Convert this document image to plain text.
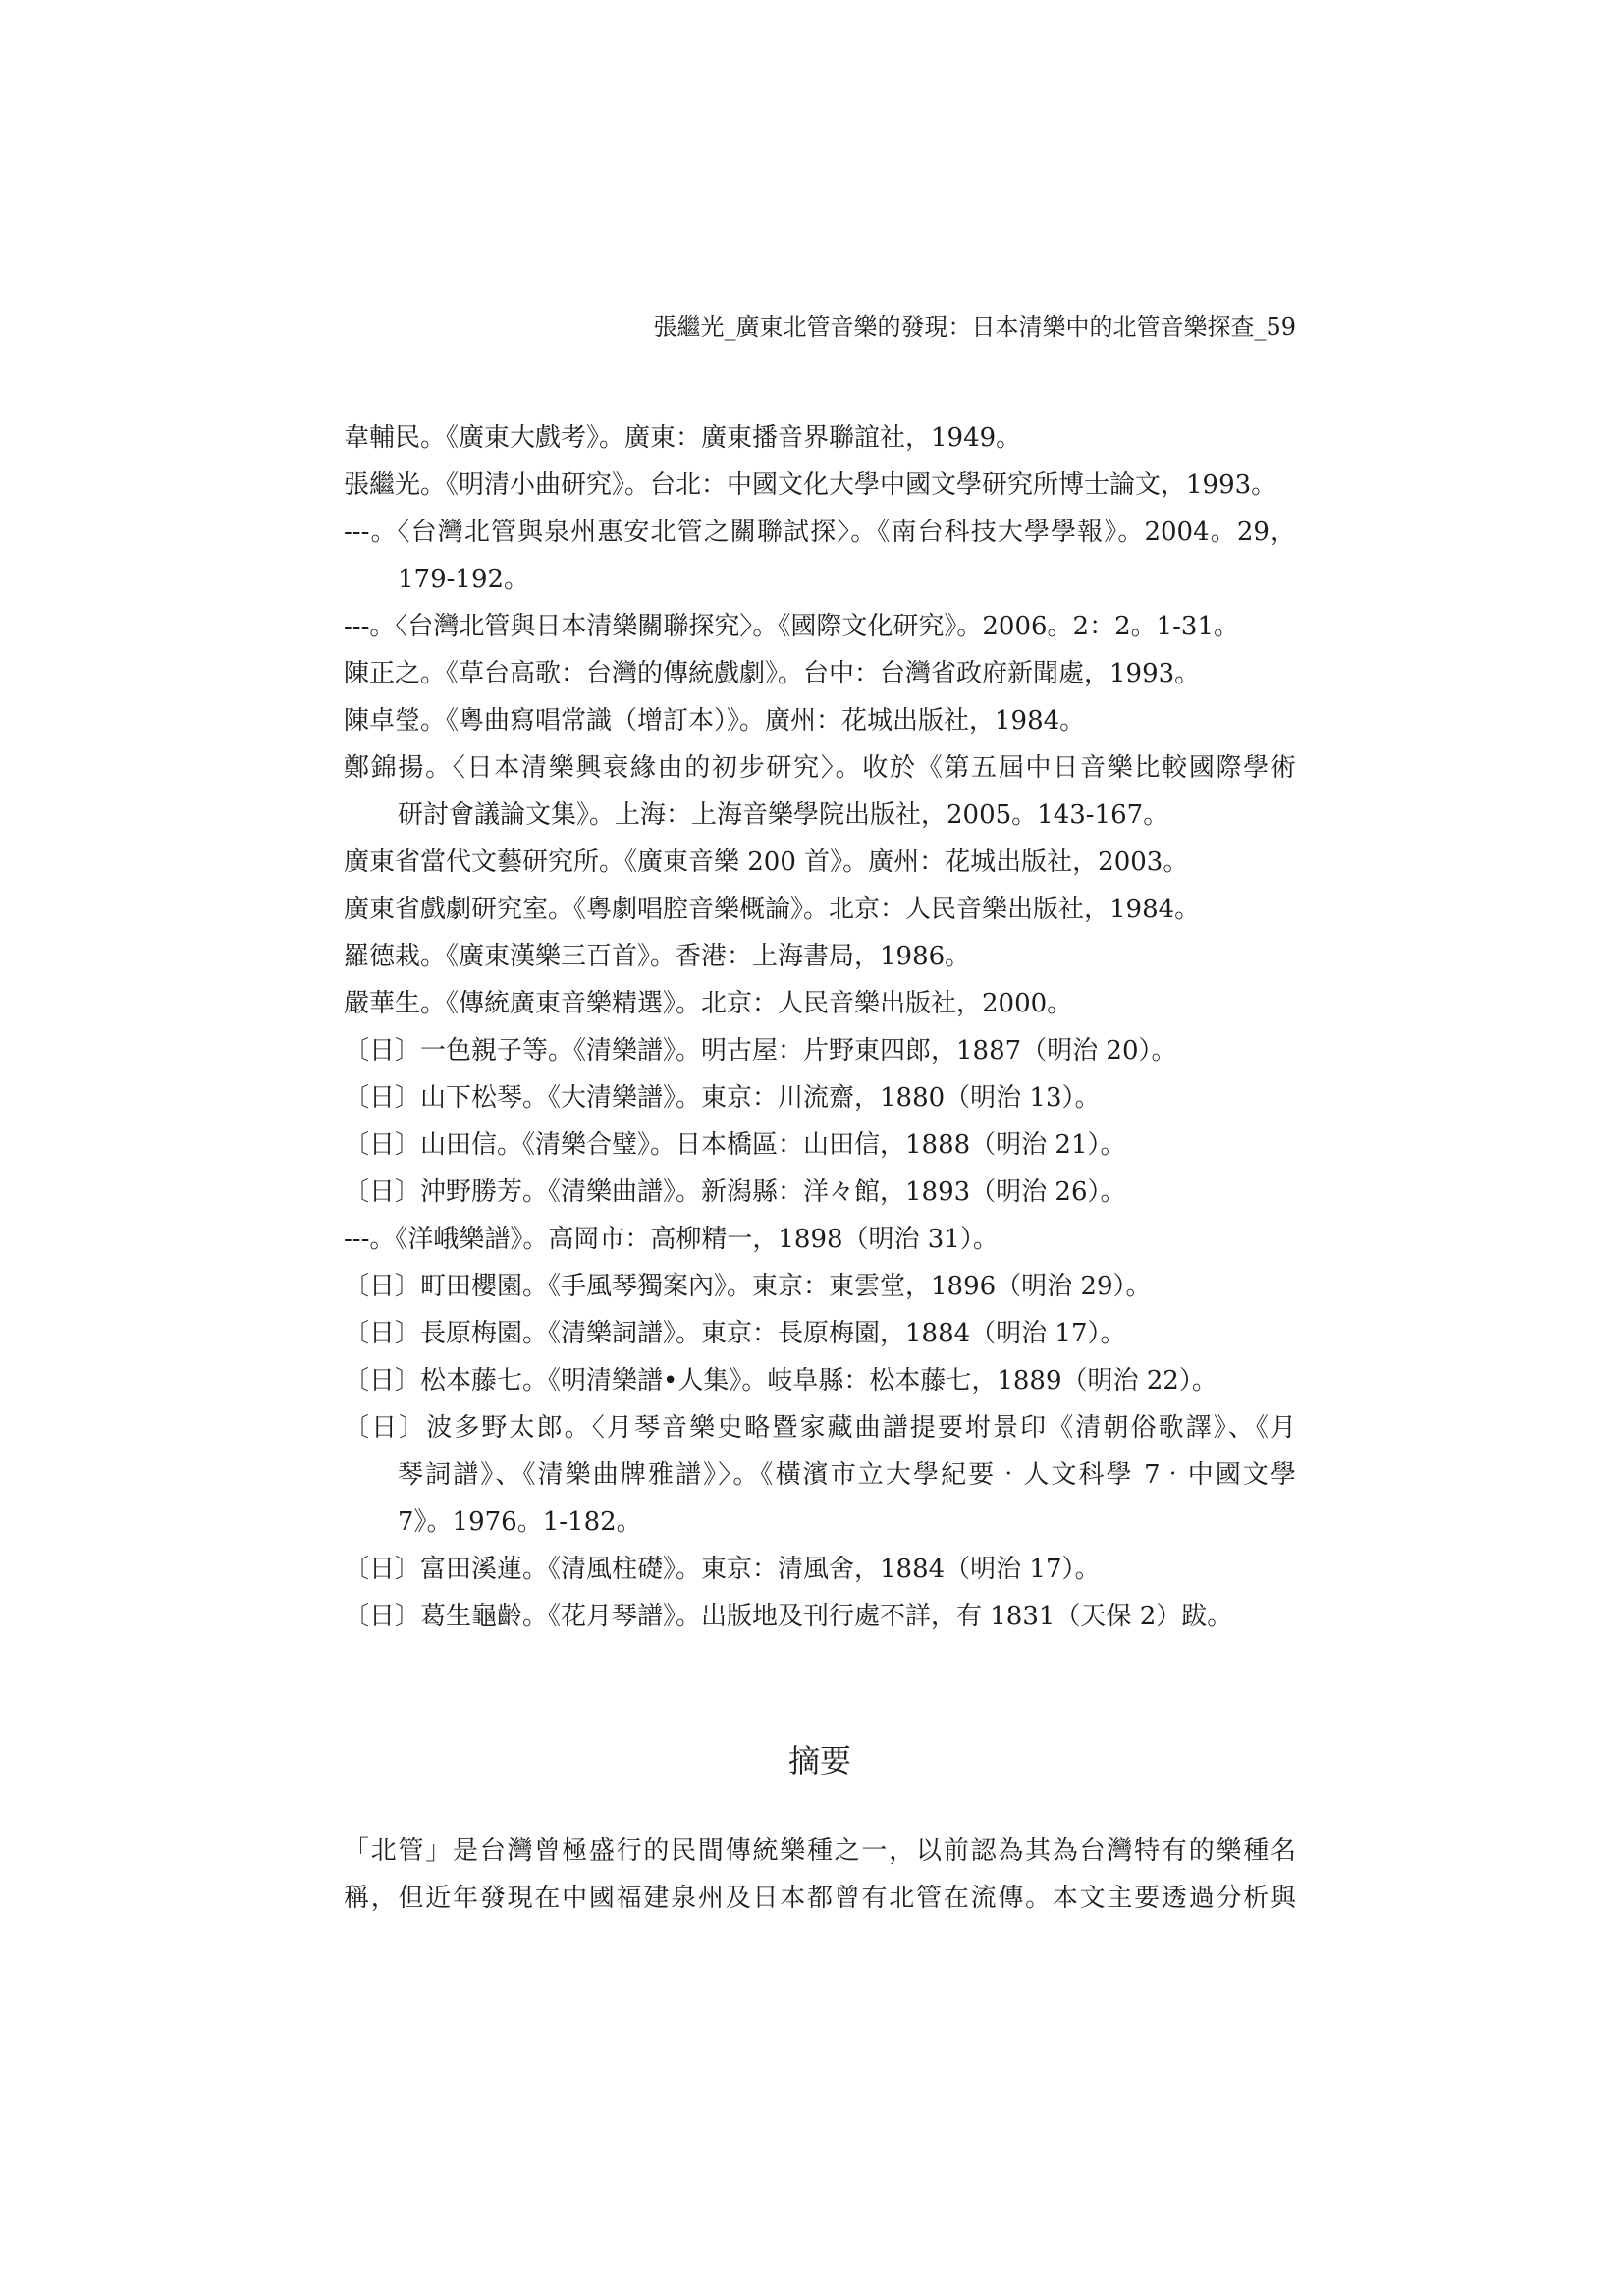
張繼光_廣東北管音樂的發現：日本清樂中的北管音樂探查_59
韋輔民。《廣東大戲考》。廣東：廣東播音界聯誼社，1949。
張繼光。《明清小曲研究》。台北：中國文化大學中國文學研究所博士論文，1993。
---。〈台灣北管與泉州惠安北管之關聯試探〉。《南台科技大學學報》。2004。29，
179-192。
---。〈台灣北管與日本清樂關聯探究〉。《國際文化研究》。2006。2：2。1-31。
陳正之。《草台高歌：台灣的傳統戲劇》。台中：台灣省政府新聞處，1993。
陳卓瑩。《粵曲寫唱常識（增訂本）》。廣州：花城出版社，1984。
鄭錦揚。〈日本清樂興衰緣由的初步研究〉。收於《第五屆中日音樂比較國際學術
研討會議論文集》。上海：上海音樂學院出版社，2005。143-167。
廣東省當代文藝研究所。《廣東音樂 200 首》。廣州：花城出版社，2003。
廣東省戲劇研究室。《粵劇唱腔音樂概論》。北京：人民音樂出版社，1984。
羅德栽。《廣東漢樂三百首》。香港：上海書局，1986。
嚴華生。《傳統廣東音樂精選》。北京：人民音樂出版社，2000。
〔日〕一色親子等。《清樂譜》。明古屋：片野東四郎，1887（明治 20）。
〔日〕山下松琴。《大清樂譜》。東京：川流齋，1880（明治 13）。
〔日〕山田信。《清樂合璧》。日本橋區：山田信，1888（明治 21）。
〔日〕沖野勝芳。《清樂曲譜》。新潟縣：洋々館，1893（明治 26）。
---。《洋峨樂譜》。高岡市：高柳精一，1898（明治 31）。
〔日〕町田櫻園。《手風琴獨案內》。東京：東雲堂，1896（明治 29）。
〔日〕長原梅園。《清樂詞譜》。東京：長原梅園，1884（明治 17）。
〔日〕松本藤七。《明清樂譜•人集》。岐阜縣：松本藤七，1889（明治 22）。
〔日〕波多野太郎。〈月琴音樂史略暨家藏曲譜提要坿景印《清朝俗歌譯》、《月
琴詞譜》、《清樂曲牌雅譜》〉。《橫濱市立大學紀要‧人文科學 7‧中國文學
7》。1976。1-182。
〔日〕富田溪蓮。《清風柱礎》。東京：清風舍，1884（明治 17）。
〔日〕葛生龜齡。《花月琴譜》。出版地及刊行處不詳，有 1831（天保 2）跋。
摘要
「北管」是台灣曾極盛行的民間傳統樂種之一，以前認為其為台灣特有的樂種名
稱，但近年發現在中國福建泉州及日本都曾有北管在流傳。本文主要透過分析與
